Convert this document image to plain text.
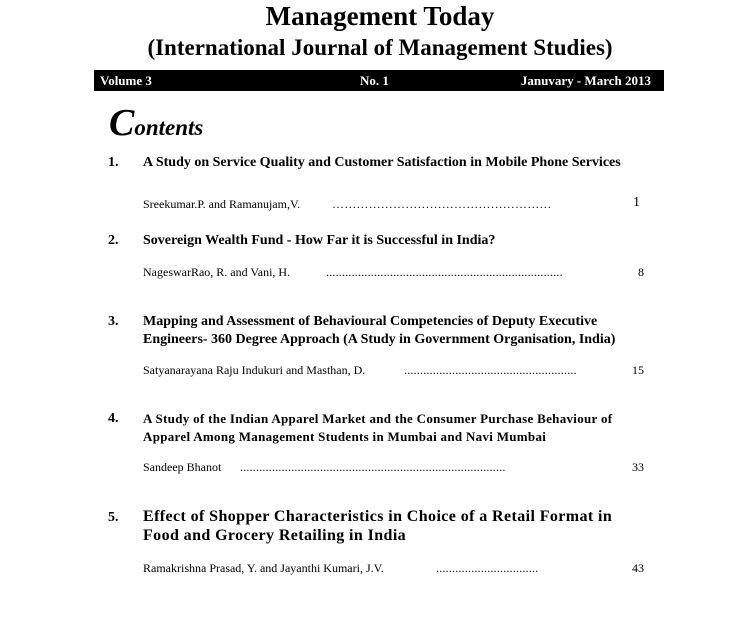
Management Today
(International Journal of Management Studies)
Volume 3	No. 1	Januvary - March 2013
Contents
1. A Study on Service Quality and Customer Satisfaction in Mobile Phone Services
Sreekumar.P. and Ramanujam,V.	………………………………………………	1
2. Sovereign Wealth Fund - How Far it is Successful in India?
NageswarRao, R. and Vani, H.	..........................................................................	8
3. Mapping and Assessment of Behavioural Competencies of Deputy Executive Engineers- 360 Degree Approach (A Study in Government Organisation, India)
Satyanarayana Raju Indukuri and Masthan, D.	......................................................	15
4. A Study of the Indian Apparel Market and the Consumer Purchase Behaviour of Apparel Among Management Students in Mumbai and Navi Mumbai
Sandeep Bhanot ...................................................................................	33
5. Effect of Shopper Characteristics in Choice of a Retail Format in Food and Grocery Retailing in India
Ramakrishna Prasad, Y. and Jayanthi Kumari, J.V.	................................	43
